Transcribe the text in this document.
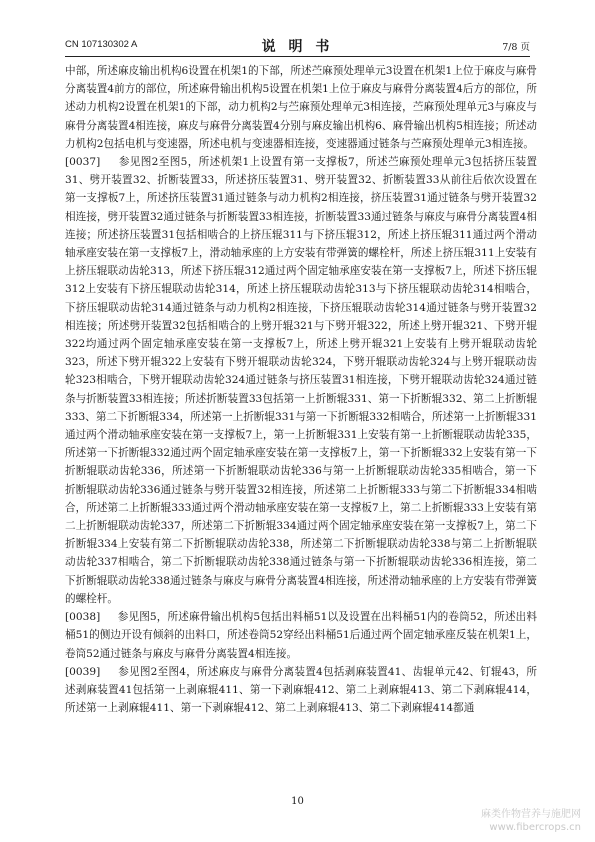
CN 107130302 A	说 明 书	7/8 页

中部，所述麻皮输出机构6设置在机架1的下部，所述苎麻预处理单元3设置在机架1上位于麻皮与麻骨分离装置4前方的部位，所述麻骨输出机构5设置在机架1上位于麻皮与麻骨分离装置4后方的部位，所述动力机构2设置在机架1的下部，动力机构2与苎麻预处理单元3相连接，苎麻预处理单元3与麻皮与麻骨分离装置4相连接，麻皮与麻骨分离装置4分别与麻皮输出机构6、麻骨输出机构5相连接；所述动力机构2包括电机与变速器，所述电机与变速器相连接，变速器通过链条与苎麻预处理单元3相连接。

[0037] 参见图2至图5，所述机架1上设置有第一支撑板7，所述苎麻预处理单元3包括挤压装置31、劈开装置32、折断装置33，所述挤压装置31、劈开装置32、折断装置33从前往后依次设置在第一支撑板7上，所述挤压装置31通过链条与动力机构2相连接，挤压装置31通过链条与劈开装置32相连接，劈开装置32通过链条与折断装置33相连接，折断装置33通过链条与麻皮与麻骨分离装置4相连接；所述挤压装置31包括相啮合的上挤压辊311与下挤压辊312，所述上挤压辊311通过两个滑动轴承座安装在第一支撑板7上，滑动轴承座的上方安装有带弹簧的螺栓杆，所述上挤压辊311上安装有上挤压辊联动齿轮313，所述下挤压辊312通过两个固定轴承座安装在第一支撑板7上，所述下挤压辊312上安装有下挤压辊联动齿轮314，所述上挤压辊联动齿轮313与下挤压辊联动齿轮314相啮合，下挤压辊联动齿轮314通过链条与动力机构2相连接，下挤压辊联动齿轮314通过链条与劈开装置32相连接；所述劈开装置32包括相啮合的上劈开辊321与下劈开辊322，所述上劈开辊321、下劈开辊322均通过两个固定轴承座安装在第一支撑板7上，所述上劈开辊321上安装有上劈开辊联动齿轮323，所述下劈开辊322上安装有下劈开辊联动齿轮324，下劈开辊联动齿轮324与上劈开辊联动齿轮323相啮合，下劈开辊联动齿轮324通过链条与挤压装置31相连接，下劈开辊联动齿轮324通过链条与折断装置33相连接；所述折断装置33包括第一上折断辊331、第一下折断辊332、第二上折断辊333、第二下折断辊334，所述第一上折断辊331与第一下折断辊332相啮合，所述第一上折断辊331通过两个滑动轴承座安装在第一支撑板7上，第一上折断辊331上安装有第一上折断辊联动齿轮335，所述第一下折断辊332通过两个固定轴承座安装在第一支撑板7上，第一下折断辊332上安装有第一下折断辊联动齿轮336，所述第一下折断辊联动齿轮336与第一上折断辊联动齿轮335相啮合，第一下折断辊联动齿轮336通过链条与劈开装置32相连接，所述第二上折断辊333与第二下折断辊334相啮合，所述第二上折断辊333通过两个滑动轴承座安装在第一支撑板7上，第二上折断辊333上安装有第二上折断辊联动齿轮337，所述第二下折断辊334通过两个固定轴承座安装在第一支撑板7上，第二下折断辊334上安装有第二下折断辊联动齿轮338，所述第二下折断辊联动齿轮338与第二上折断辊联动齿轮337相啮合，第二下折断辊联动齿轮338通过链条与第一下折断辊联动齿轮336相连接，第二下折断辊联动齿轮338通过链条与麻皮与麻骨分离装置4相连接，所述滑动轴承座的上方安装有带弹簧的螺栓杆。

[0038] 参见图5，所述麻骨输出机构5包括出料桶51以及设置在出料桶51内的卷筒52，所述出料桶51的侧边开设有倾斜的出料口，所述卷筒52穿经出料桶51后通过两个固定轴承座反装在机架1上，卷筒52通过链条与麻皮与麻骨分离装置4相连接。

[0039] 参见图2至图4，所述麻皮与麻骨分离装置4包括剥麻装置41、齿辊单元42、钉辊43，所述剥麻装置41包括第一上剥麻辊411、第一下剥麻辊412、第二上剥麻辊413、第二下剥麻辊414，所述第一上剥麻辊411、第一下剥麻辊412、第二上剥麻辊413、第二下剥麻辊414都通

10
麻类作物营养与施肥网
www.fibercrops.cn
